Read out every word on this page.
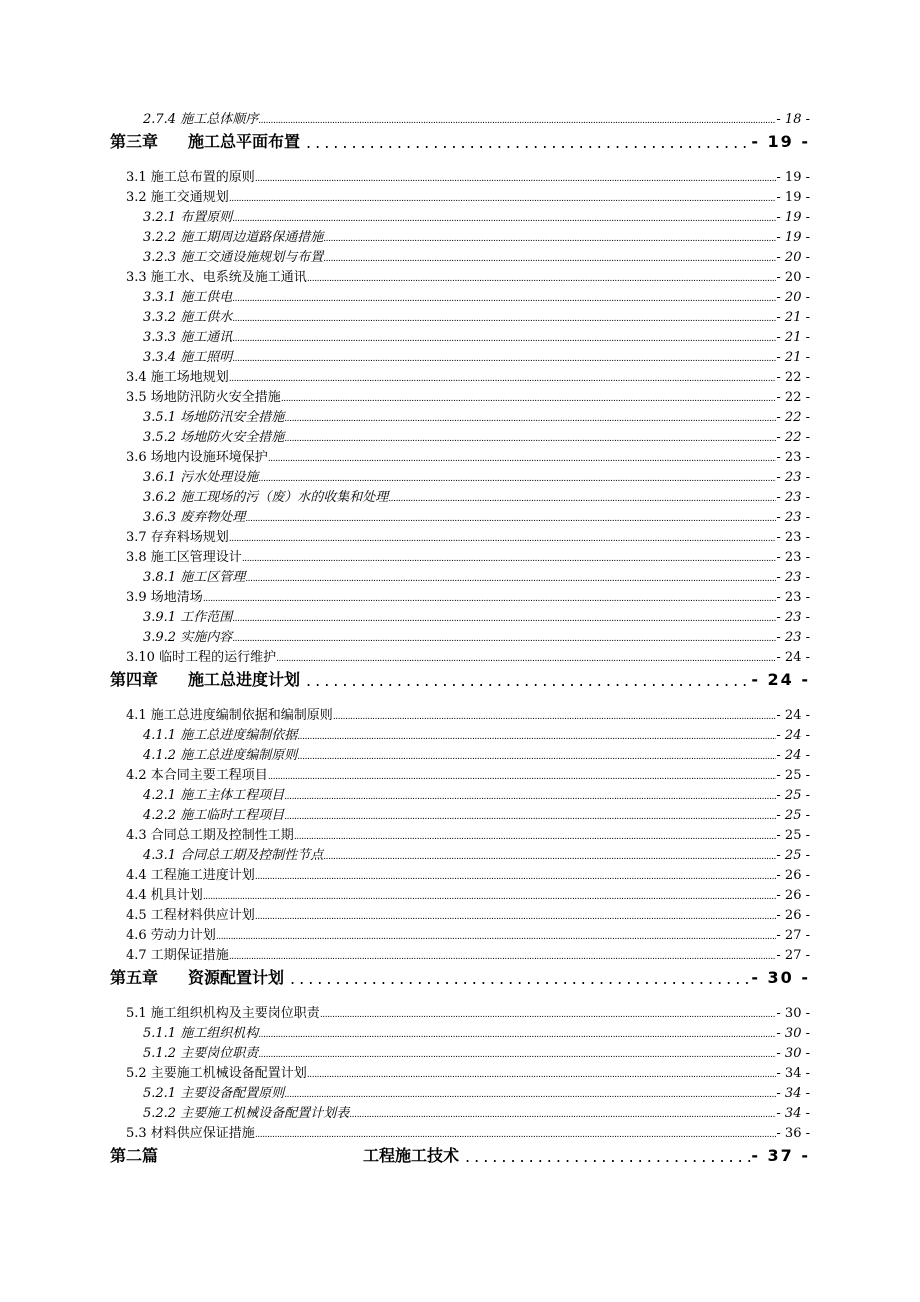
2.7.4 施工总体顺序 .....	- 18 -
第三章 施工总平面布置 .....	- 19 -
3.1 施工总布置的原则 .....	- 19 -
3.2 施工交通规划 .....	- 19 -
3.2.1 布置原则 .....	- 19 -
3.2.2 施工期周边道路保通措施 .....	- 19 -
3.2.3 施工交通设施规划与布置 .....	- 20 -
3.3 施工水、电系统及施工通讯 .....	- 20 -
3.3.1 施工供电 .....	- 20 -
3.3.2 施工供水 .....	- 21 -
3.3.3 施工通讯 .....	- 21 -
3.3.4 施工照明 .....	- 21 -
3.4 施工场地规划 .....	- 22 -
3.5 场地防汛防火安全措施 .....	- 22 -
3.5.1 场地防汛安全措施 .....	- 22 -
3.5.2 场地防火安全措施 .....	- 22 -
3.6 场地内设施环境保护 .....	- 23 -
3.6.1 污水处理设施 .....	- 23 -
3.6.2 施工现场的污（废）水的收集和处理 .....	- 23 -
3.6.3 废弃物处理 .....	- 23 -
3.7 存弃料场规划 .....	- 23 -
3.8 施工区管理设计 .....	- 23 -
3.8.1 施工区管理 .....	- 23 -
3.9 场地清场 .....	- 23 -
3.9.1 工作范围 .....	- 23 -
3.9.2 实施内容 .....	- 23 -
3.10 临时工程的运行维护 .....	- 24 -
第四章 施工总进度计划 .....	- 24 -
4.1 施工总进度编制依据和编制原则 .....	- 24 -
4.1.1 施工总进度编制依据 .....	- 24 -
4.1.2 施工总进度编制原则 .....	- 24 -
4.2 本合同主要工程项目 .....	- 25 -
4.2.1 施工主体工程项目 .....	- 25 -
4.2.2 施工临时工程项目 .....	- 25 -
4.3 合同总工期及控制性工期 .....	- 25 -
4.3.1 合同总工期及控制性节点 .....	- 25 -
4.4 工程施工进度计划 .....	- 26 -
4.4 机具计划 .....	- 26 -
4.5 工程材料供应计划 .....	- 26 -
4.6 劳动力计划 .....	- 27 -
4.7 工期保证措施 .....	- 27 -
第五章 资源配置计划 .....	- 30 -
5.1 施工组织机构及主要岗位职责 .....	- 30 -
5.1.1 施工组织机构 .....	- 30 -
5.1.2 主要岗位职责 .....	- 30 -
5.2 主要施工机械设备配置计划 .....	- 34 -
5.2.1 主要设备配置原则 .....	- 34 -
5.2.2 主要施工机械设备配置计划表 .....	- 34 -
5.3 材料供应保证措施 .....	- 36 -
第二篇	工程施工技术 .....	- 37 -
